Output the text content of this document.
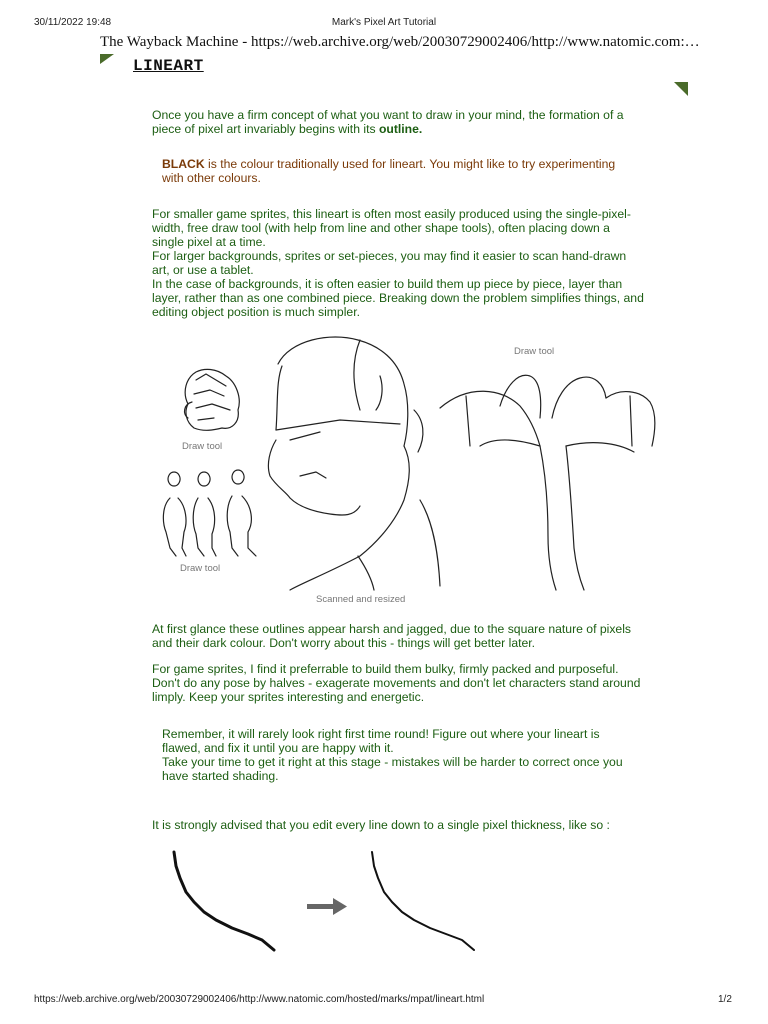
30/11/2022 19:48	Mark's Pixel Art Tutorial
The Wayback Machine - https://web.archive.org/web/20030729002406/http://www.natomic.com:…
LINEART
Once you have a firm concept of what you want to draw in your mind, the formation of a
piece of pixel art invariably begins with its outline.
BLACK is the colour traditionally used for lineart. You might like to try experimenting
with other colours.
For smaller game sprites, this lineart is often most easily produced using the single-pixel-
width, free draw tool (with help from line and other shape tools), often placing down a
single pixel at a time.
For larger backgrounds, sprites or set-pieces, you may find it easier to scan hand-drawn
art, or use a tablet.
In the case of backgrounds, it is often easier to build them up piece by piece, layer than
layer, rather than as one combined piece. Breaking down the problem simplifies things, and
editing object position is much simpler.
Draw tool
Draw tool
Draw tool
Scanned and resized
At first glance these outlines appear harsh and jagged, due to the square nature of pixels
and their dark colour. Don't worry about this - things will get better later.
For game sprites, I find it preferrable to build them bulky, firmly packed and purposeful.
Don't do any pose by halves - exagerate movements and don't let characters stand around
limply. Keep your sprites interesting and energetic.
Remember, it will rarely look right first time round! Figure out where your lineart is
flawed, and fix it until you are happy with it.
Take your time to get it right at this stage - mistakes will be harder to correct once you
have started shading.
It is strongly advised that you edit every line down to a single pixel thickness, like so :
https://web.archive.org/web/20030729002406/http://www.natomic.com/hosted/marks/mpat/lineart.html	1/2
